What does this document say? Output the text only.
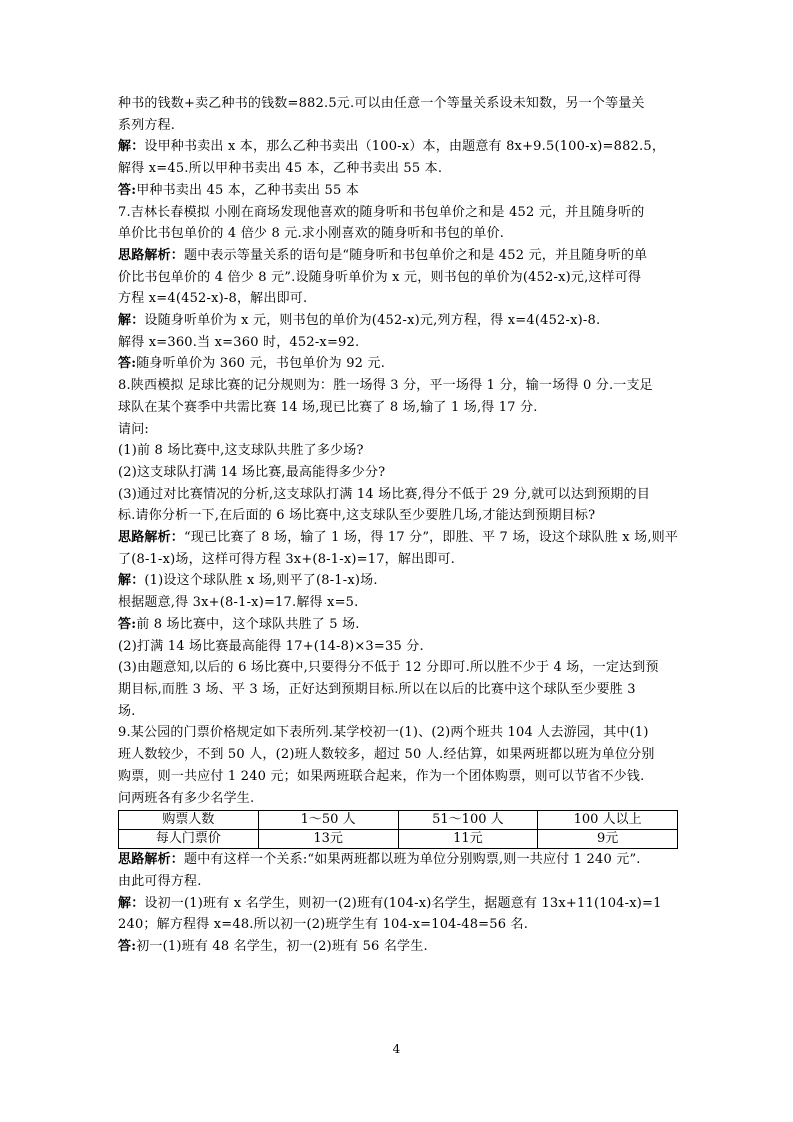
种书的钱数+卖乙种书的钱数=882.5元.可以由任意一个等量关系设未知数，另一个等量关
系列方程.
解：设甲种书卖出 x 本，那么乙种书卖出（100-x）本，由题意有 8x+9.5(100-x)=882.5，
解得 x=45.所以甲种书卖出 45 本，乙种书卖出 55 本.
答:甲种书卖出 45 本，乙种书卖出 55 本
7.吉林长春模拟 小刚在商场发现他喜欢的随身听和书包单价之和是 452 元，并且随身听的
单价比书包单价的 4 倍少 8 元.求小刚喜欢的随身听和书包的单价.
思路解析：题中表示等量关系的语句是“随身听和书包单价之和是 452 元，并且随身听的单
价比书包单价的 4 倍少 8 元”.设随身听单价为 x 元，则书包的单价为(452-x)元,这样可得
方程 x=4(452-x)-8，解出即可.
解：设随身听单价为 x 元，则书包的单价为(452-x)元,列方程，得 x=4(452-x)-8.
解得 x=360.当 x=360 时，452-x=92.
答:随身听单价为 360 元，书包单价为 92 元.
8.陕西模拟 足球比赛的记分规则为：胜一场得 3 分，平一场得 1 分，输一场得 0 分.一支足
球队在某个赛季中共需比赛 14 场,现已比赛了 8 场,输了 1 场,得 17 分.
请问:
(1)前 8 场比赛中,这支球队共胜了多少场?
(2)这支球队打满 14 场比赛,最高能得多少分?
(3)通过对比赛情况的分析,这支球队打满 14 场比赛,得分不低于 29 分,就可以达到预期的目
标.请你分析一下,在后面的 6 场比赛中,这支球队至少要胜几场,才能达到预期目标?
思路解析：“现已比赛了 8 场，输了 1 场，得 17 分”，即胜、平 7 场，设这个球队胜 x 场,则平
了(8-1-x)场，这样可得方程 3x+(8-1-x)=17，解出即可.
解：(1)设这个球队胜 x 场,则平了(8-1-x)场.
根据题意,得 3x+(8-1-x)=17.解得 x=5.
答:前 8 场比赛中，这个球队共胜了 5 场.
(2)打满 14 场比赛最高能得 17+(14-8)×3=35 分.
(3)由题意知,以后的 6 场比赛中,只要得分不低于 12 分即可.所以胜不少于 4 场，一定达到预
期目标,而胜 3 场、平 3 场，正好达到预期目标.所以在以后的比赛中这个球队至少要胜 3
场.
9.某公园的门票价格规定如下表所列.某学校初一(1)、(2)两个班共 104 人去游园，其中(1)
班人数较少，不到 50 人，(2)班人数较多，超过 50 人.经估算，如果两班都以班为单位分别
购票，则一共应付 1 240 元；如果两班联合起来，作为一个团体购票，则可以节省不少钱.
问两班各有多少名学生.
购票人数	1～50 人	51～100 人	100 人以上
每人门票价	13元	11元	9元
思路解析：题中有这样一个关系:“如果两班都以班为单位分别购票,则一共应付 1 240 元”.
由此可得方程.
解：设初一(1)班有 x 名学生，则初一(2)班有(104-x)名学生，据题意有 13x+11(104-x)=1
240；解方程得 x=48.所以初一(2)班学生有 104-x=104-48=56 名.
答:初一(1)班有 48 名学生，初一(2)班有 56 名学生.
4
